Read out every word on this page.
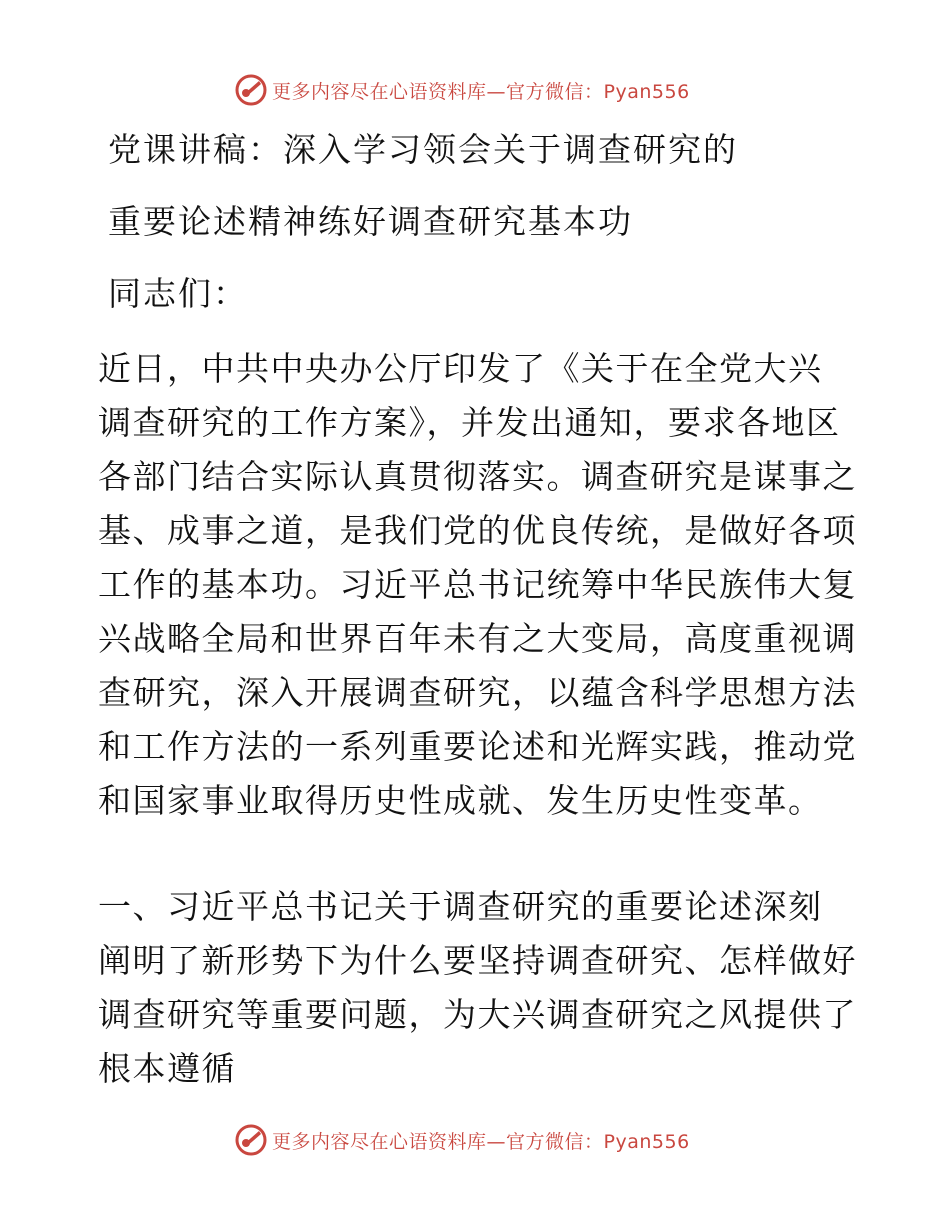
更多内容尽在心语资料库—官方微信：Pyan556
党课讲稿：深入学习领会关于调查研究的
重要论述精神练好调查研究基本功
同志们：
近日，中共中央办公厅印发了《关于在全党大兴
调查研究的工作方案》，并发出通知，要求各地区
各部门结合实际认真贯彻落实。调查研究是谋事之
基、成事之道，是我们党的优良传统，是做好各项
工作的基本功。习近平总书记统筹中华民族伟大复
兴战略全局和世界百年未有之大变局，高度重视调
查研究，深入开展调查研究，以蕴含科学思想方法
和工作方法的一系列重要论述和光辉实践，推动党
和国家事业取得历史性成就、发生历史性变革。
一、习近平总书记关于调查研究的重要论述深刻
阐明了新形势下为什么要坚持调查研究、怎样做好
调查研究等重要问题，为大兴调查研究之风提供了
根本遵循
更多内容尽在心语资料库—官方微信：Pyan556
